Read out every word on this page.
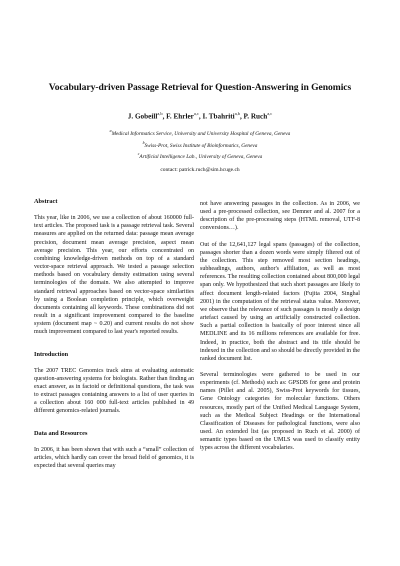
Vocabulary-driven Passage Retrieval for Question-Answering in Genomics
J. Gobeill$^{a,b}$, F. Ehrler$^{a,c}$, I. Tbahriti$^{a,b}$, P. Ruch$^{a,c}$
$^a$Medical Informatics Service, University and University Hospital of Geneva, Geneva
$^b$Swiss-Prot, Swiss Institute of Bioinformatics, Geneva
$^c$Artificial Intelligence Lab., University of Geneva, Geneva
contact: patrick.ruch@sim.hcuge.ch
Abstract

This year, like in 2006, we use a collection of about 160000 full-text articles. The proposed task is a passage retrieval task. Several measures are applied on the returned data: passage mean average precision, document mean average precision, aspect mean average precision. This year, our efforts concentrated on combining knowledge-driven methods on top of a standard vector-space retrieval approach. We tested a passage selection methods based on vocabulary density estimation using several terminologies of the domain. We also attempted to improve standard retrieval approaches based on vector-space similarities by using a Boolean completion principle, which overweight documents containing all keywords. These combinations did not result in a significant improvement compared to the baseline system (document map ~ 0.20) and current results do not show much improvement compared to last year's reported results.

Introduction

The 2007 TREC Genomics track aims at evaluating automatic question-answering systems for biologists. Rather than finding an exact answer, as in factoid or definitional questions, the task was to extract passages containing answers to a list of user queries in a collection about 160 000 full-text articles published in 49 different genomics-related journals.

Data and Resources

In 2006, it has been shown that with such a “small” collection of articles, which hardly can cover the broad field of genomics, it is expected that several queries may

not have answering passages in the collection. As in 2006, we used a pre-processed collection, see Demner and al. 2007 for a description of the pre-processing steps (HTML removal, UTF-8 conversions…).

Out of the 12,641,127 legal spans (passages) of the collection, passages shorter than a dozen words were simply filtered out of the collection. This step removed most section headings, subheadings, authors, author's affiliation, as well as most references. The resulting collection contained about 800,000 legal span only. We hypothesized that such short passages are likely to affect document length-related factors (Fujita 2004, Singhal 2001) in the computation of the retrieval status value. Moreover, we observe that the relevance of such passages is mostly a design artefact caused by using an artificially constructed collection. Such a partial collection is basically of poor interest since all MEDLINE and its 16 millions references are available for free. Indeed, in practice, both the abstract and its title should be indexed in the collection and so should be directly provided in the ranked document list.

Several terminologies were gathered to be used in our experiments (cf. Methods) such as: GPSDB for gene and protein names (Pillet and al. 2005), Swiss-Prot keywords for tissues, Gene Ontology categories for molecular functions. Others resources, mostly part of the Unified Medical Language System, such as the Medical Subject Headings or the International Classification of Diseases for pathological functions, were also used. An extended list (as proposed in Ruch et al. 2000) of semantic types based on the UMLS was used to classify entity types across the different vocabularies.
